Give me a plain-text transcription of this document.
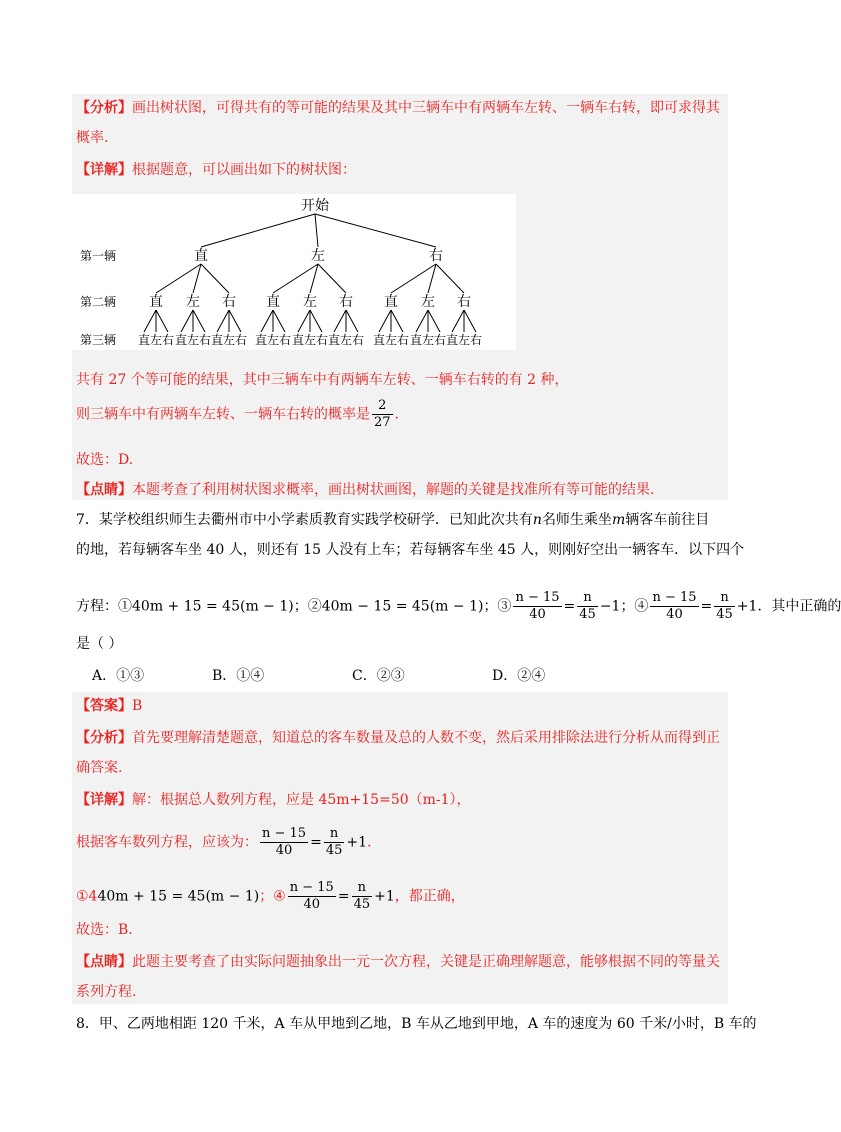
【分析】画出树状图，可得共有的等可能的结果及其中三辆车中有两辆车左转、一辆车右转，即可求得其
概率.
【详解】根据题意，可以画出如下的树状图：
开始
第一辆
第二辆
第三辆
直	左	右
直 左 右 直 左 右 直 左 右
直 左 右 直 左 右 直 左 右 直 左 右 直 左 右 直 左 右 直 左 右 直 左 右 直 左 右
共有 27 个等可能的结果，其中三辆车中有两辆车左转、一辆车右转的有 2 种，
则三辆车中有两辆车左转、一辆车右转的概率是 $\frac{2}{27}$ .
故选：D.
【点睛】本题考查了利用树状图求概率，画出树状画图，解题的关键是找准所有等可能的结果.
7．某学校组织师生去衢州市中小学素质教育实践学校研学．已知此次共有n名师生乘坐m辆客车前往目
的地，若每辆客车坐 40 人，则还有 15 人没有上车；若每辆客车坐 45 人，则刚好空出一辆客车．以下四个
方程：①40m + 15 = 45(m − 1)；②40m − 15 = 45(m − 1)；③ $\frac{n - 15}{40} = \frac{n}{45} -1$；④ $\frac{n - 15}{40} = \frac{n}{45} +1$．其中正确的
是（ ）
A．①③	B．①④	C．②③	D．②④
【答案】B
【分析】首先要理解清楚题意，知道总的客车数量及总的人数不变，然后采用排除法进行分析从而得到正
确答案.
【详解】解：根据总人数列方程，应是 45m+15=50（m-1），
根据客车数列方程，应该为： $\frac{n - 15}{40} = \frac{n}{45} +1$.
①440m + 15 = 45(m − 1)；④ $\frac{n - 15}{40} = \frac{n}{45} +1$，都正确，
故选：B.
【点睛】此题主要考查了由实际问题抽象出一元一次方程，关键是正确理解题意，能够根据不同的等量关
系列方程.
8．甲、乙两地相距 120 千米，A 车从甲地到乙地，B 车从乙地到甲地，A 车的速度为 60 千米/小时，B 车的
